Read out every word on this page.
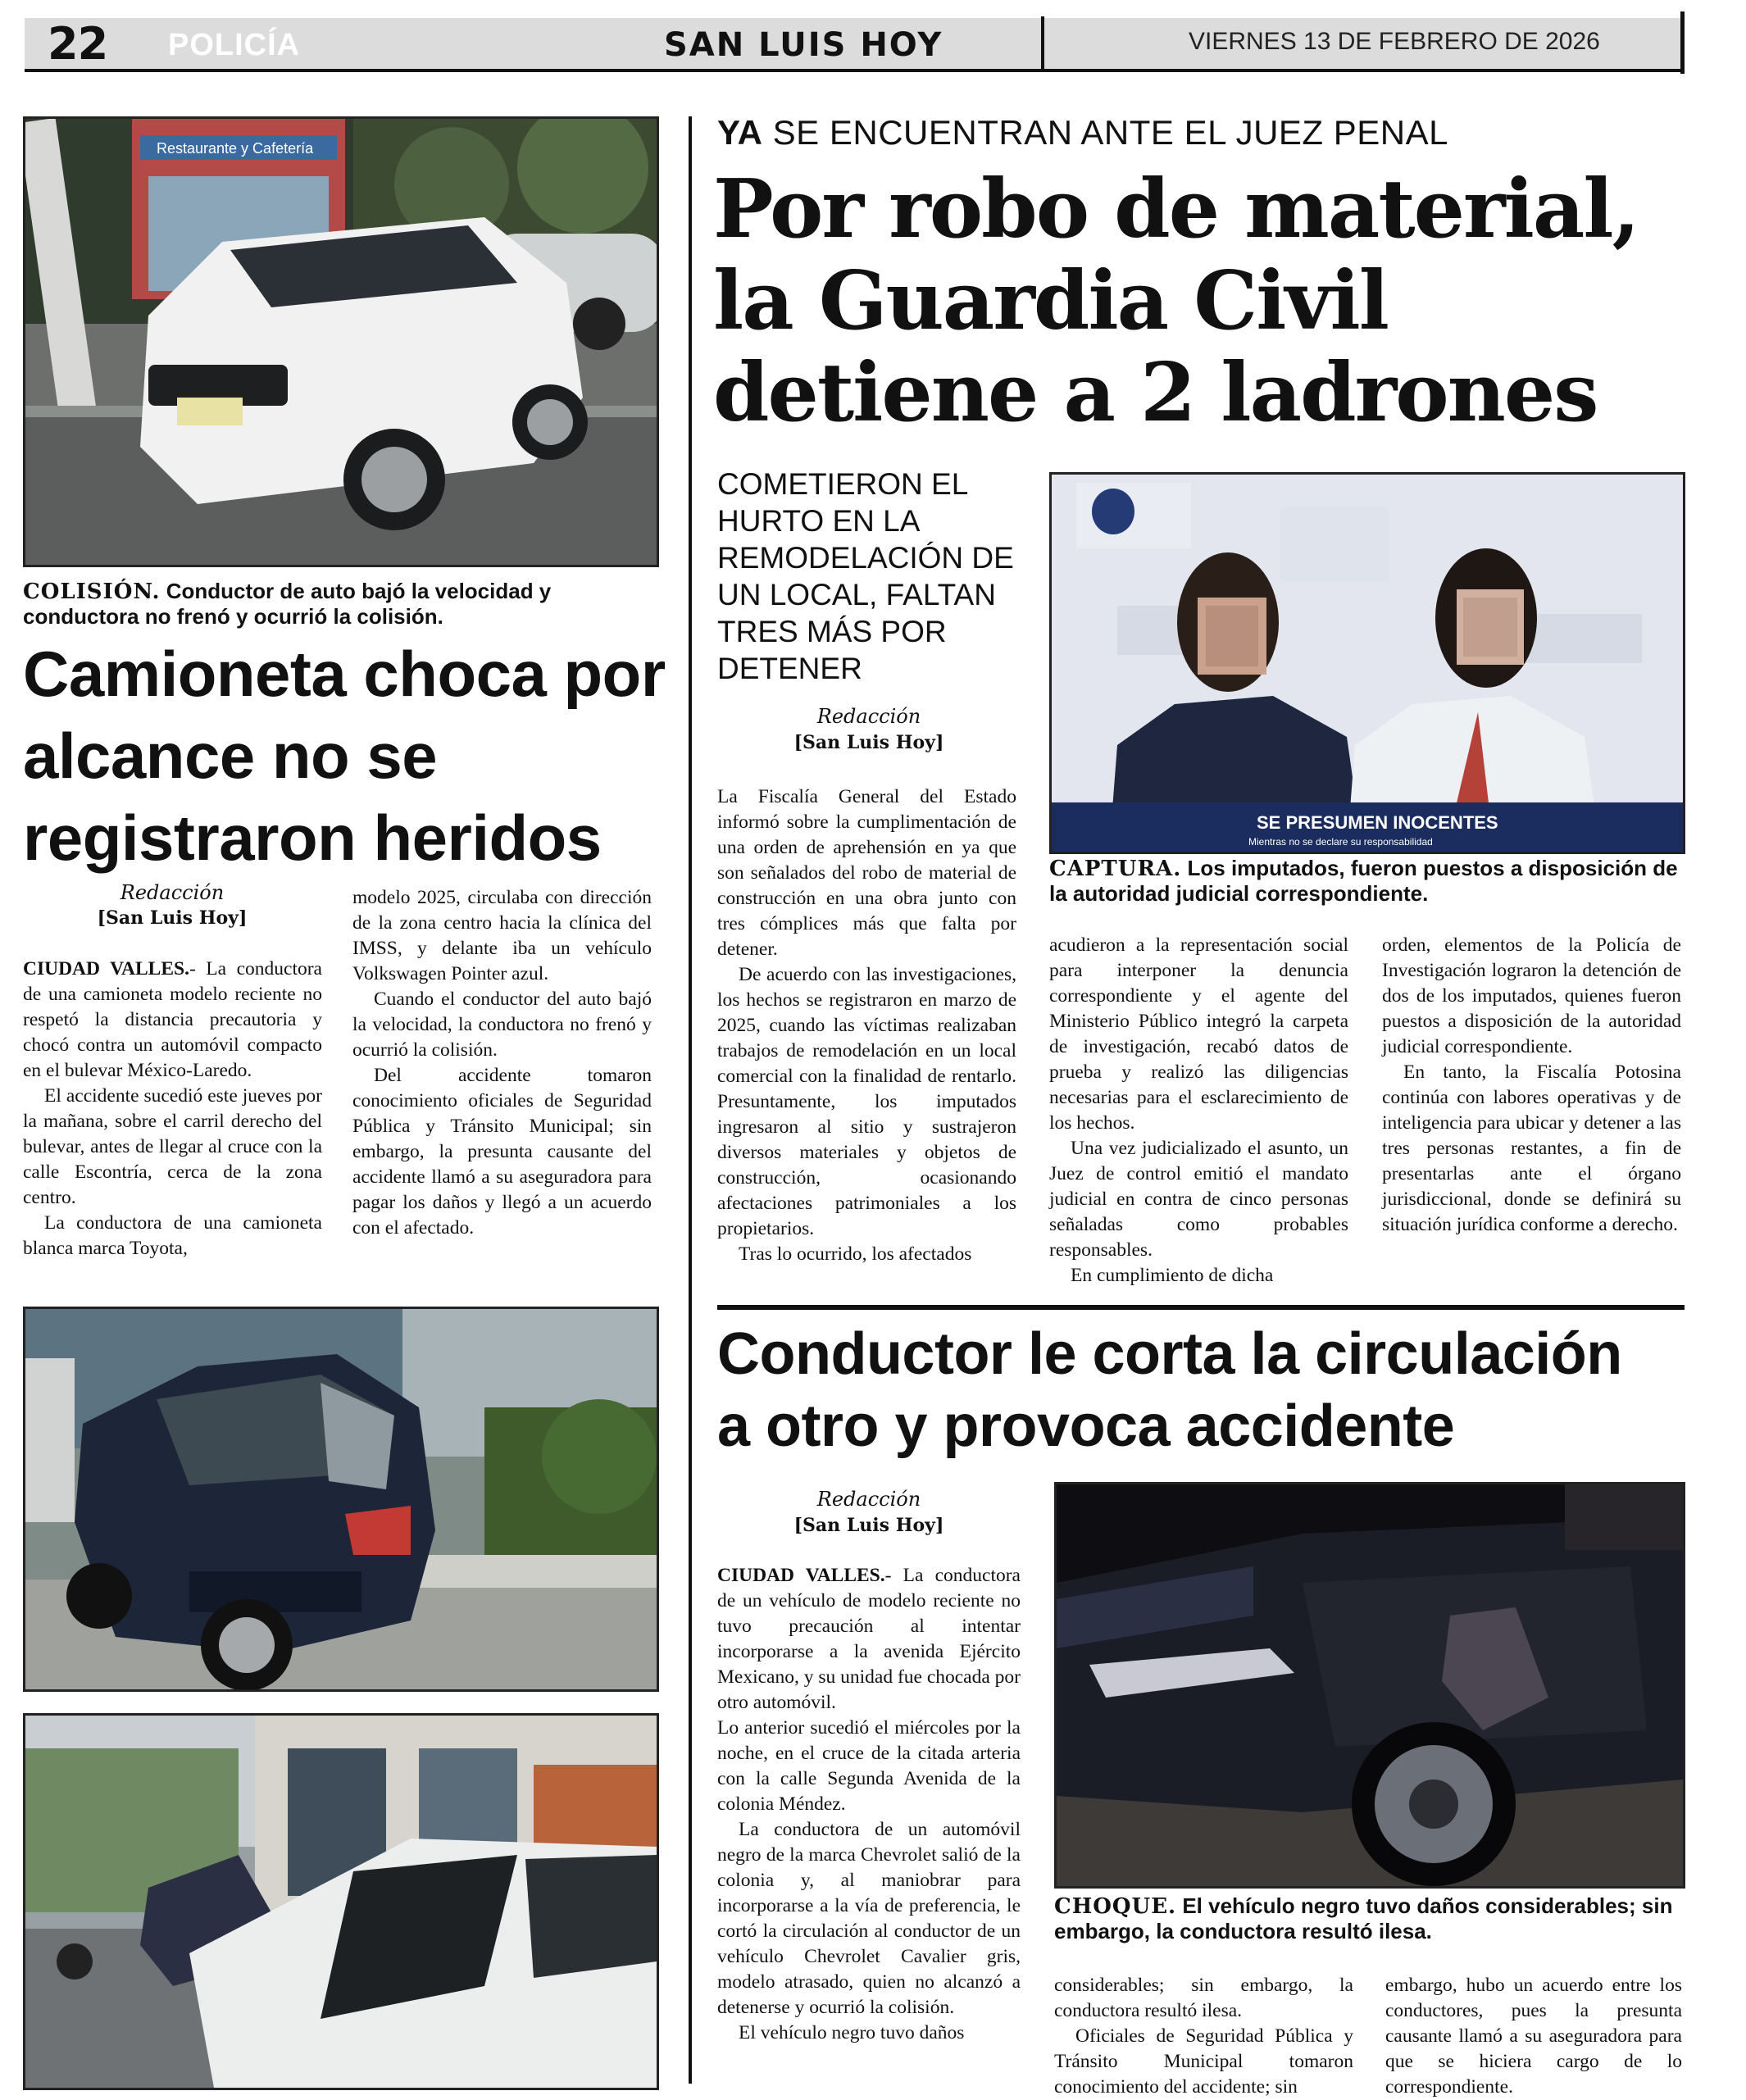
22 POLICÍA	SAN LUIS HOY	VIERNES 13 DE FEBRERO DE 2026
Restaurante y Cafetería
COLISIÓN. Conductor de auto bajó la velocidad y conductora no frenó y ocurrió la colisión.
Camioneta choca por alcance no se registraron heridos
Redacción
[San Luis Hoy]

CIUDAD VALLES.- La conductora de una camioneta modelo reciente no respetó la distancia precautoria y chocó contra un automóvil compacto en el bulevar México-Laredo.

El accidente sucedió este jueves por la mañana, sobre el carril derecho del bulevar, antes de llegar al cruce con la calle Escontría, cerca de la zona centro.

La conductora de una camioneta blanca marca Toyota,

modelo 2025, circulaba con dirección de la zona centro hacia la clínica del IMSS, y delante iba un vehículo Volkswagen Pointer azul.

Cuando el conductor del auto bajó la velocidad, la conductora no frenó y ocurrió la colisión.

Del accidente tomaron conocimiento oficiales de Seguridad Pública y Tránsito Municipal; sin embargo, la presunta causante del accidente llamó a su aseguradora para pagar los daños y llegó a un acuerdo con el afectado.

YA SE ENCUENTRAN ANTE EL JUEZ PENAL
Por robo de material,
la Guardia Civil
detiene a 2 ladrones
COMETIERON EL HURTO EN LA REMODELACIÓN DE UN LOCAL, FALTAN TRES MÁS POR DETENER
Redacción
[San Luis Hoy]
SE PRESUMEN INOCENTES
Mientras no se declare su responsabilidad
CAPTURA. Los imputados, fueron puestos a disposición de la autoridad judicial correspondiente.

La Fiscalía General del Estado informó sobre la cumplimentación de una orden de aprehensión en ya que son señalados del robo de material de construcción en una obra junto con tres cómplices más que falta por detener.

De acuerdo con las investigaciones, los hechos se registraron en marzo de 2025, cuando las víctimas realizaban trabajos de remodelación en un local comercial con la finalidad de rentarlo. Presuntamente, los imputados ingresaron al sitio y sustrajeron diversos materiales y objetos de construcción, ocasionando afectaciones patrimoniales a los propietarios.

Tras lo ocurrido, los afectados

acudieron a la representación social para interponer la denuncia correspondiente y el agente del Ministerio Público integró la carpeta de investigación, recabó datos de prueba y realizó las diligencias necesarias para el esclarecimiento de los hechos.

Una vez judicializado el asunto, un Juez de control emitió el mandato judicial en contra de cinco personas señaladas como probables responsables.

En cumplimiento de dicha

orden, elementos de la Policía de Investigación lograron la detención de dos de los imputados, quienes fueron puestos a disposición de la autoridad judicial correspondiente.

En tanto, la Fiscalía Potosina continúa con labores operativas y de inteligencia para ubicar y detener a las tres personas restantes, a fin de presentarlas ante el órgano jurisdiccional, donde se definirá su situación jurídica conforme a derecho.

Conductor le corta la circulación
a otro y provoca accidente
Redacción
[San Luis Hoy]

CIUDAD VALLES.- La conductora de un vehículo de modelo reciente no tuvo precaución al intentar incorporarse a la avenida Ejército Mexicano, y su unidad fue chocada por otro automóvil.

Lo anterior sucedió el miércoles por la noche, en el cruce de la citada arteria con la calle Segunda Avenida de la colonia Méndez.

La conductora de un automóvil negro de la marca Chevrolet salió de la colonia y, al maniobrar para incorporarse a la vía de preferencia, le cortó la circulación al conductor de un vehículo Chevrolet Cavalier gris, modelo atrasado, quien no alcanzó a detenerse y ocurrió la colisión.

El vehículo negro tuvo daños

CHOQUE. El vehículo negro tuvo daños considerables; sin embargo, la conductora resultó ilesa.

considerables; sin embargo, la conductora resultó ilesa.

Oficiales de Seguridad Pública y Tránsito Municipal tomaron conocimiento del accidente; sin

embargo, hubo un acuerdo entre los conductores, pues la presunta causante llamó a su aseguradora para que se hiciera cargo de lo correspondiente.
